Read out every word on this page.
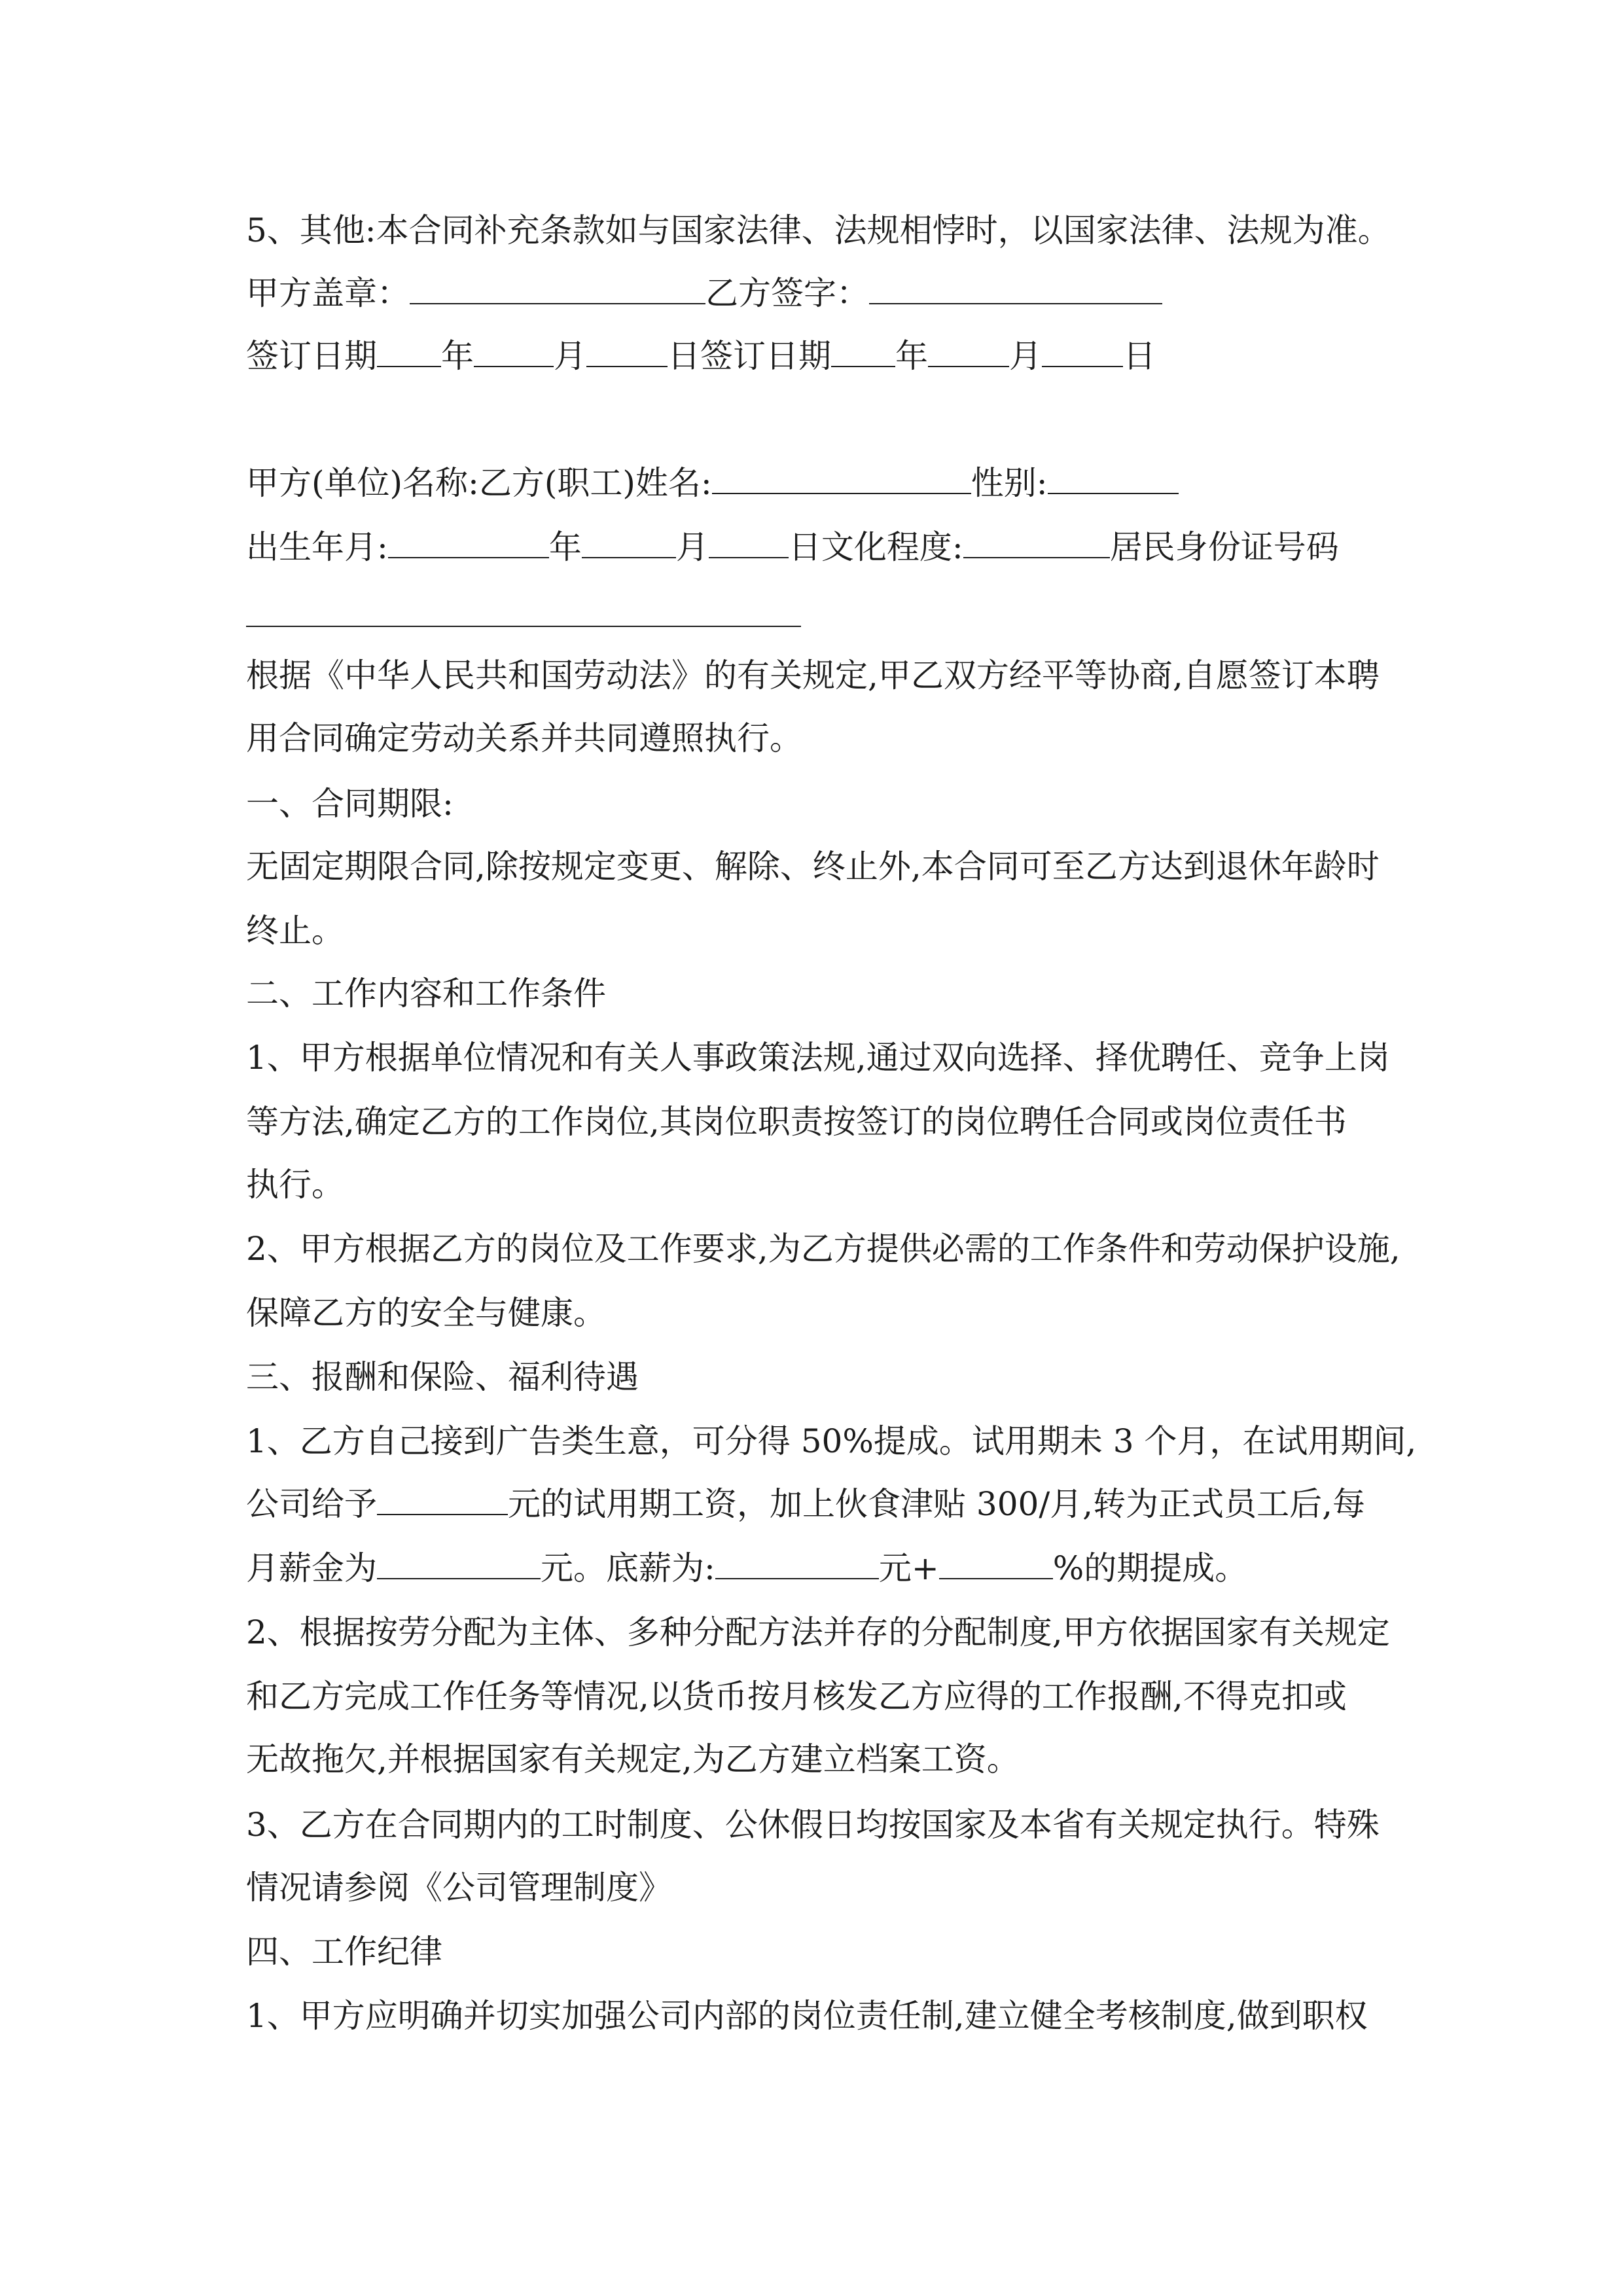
5、其他:本合同补充条款如与国家法律、法规相悖时，以国家法律、法规为准。
甲方盖章：	乙方签字：
签订日期 年 月 日签订日期 年 月 日
甲方(单位)名称:乙方(职工)姓名:	性别:
出生年月:	年	月 日文化程度:	居民身份证号码
根据《中华人民共和国劳动法》的有关规定,甲乙双方经平等协商,自愿签订本聘
用合同确定劳动关系并共同遵照执行。
一、合同期限:
无固定期限合同,除按规定变更、解除、终止外,本合同可至乙方达到退休年龄时
终止。
二、工作内容和工作条件
1、甲方根据单位情况和有关人事政策法规,通过双向选择、择优聘任、竞争上岗
等方法,确定乙方的工作岗位,其岗位职责按签订的岗位聘任合同或岗位责任书
执行。
2、甲方根据乙方的岗位及工作要求,为乙方提供必需的工作条件和劳动保护设施,
保障乙方的安全与健康。
三、报酬和保险、福利待遇
1、乙方自己接到广告类生意，可分得 50%提成。试用期未 3 个月，在试用期间,
公司给予	元的试用期工资，加上伙食津贴 300/月,转为正式员工后,每
月薪金为	元。底薪为:	元+	%的期提成。
2、根据按劳分配为主体、多种分配方法并存的分配制度,甲方依据国家有关规定
和乙方完成工作任务等情况,以货币按月核发乙方应得的工作报酬,不得克扣或
无故拖欠,并根据国家有关规定,为乙方建立档案工资。
3、乙方在合同期内的工时制度、公休假日均按国家及本省有关规定执行。特殊
情况请参阅《公司管理制度》
四、工作纪律
1、甲方应明确并切实加强公司内部的岗位责任制,建立健全考核制度,做到职权
